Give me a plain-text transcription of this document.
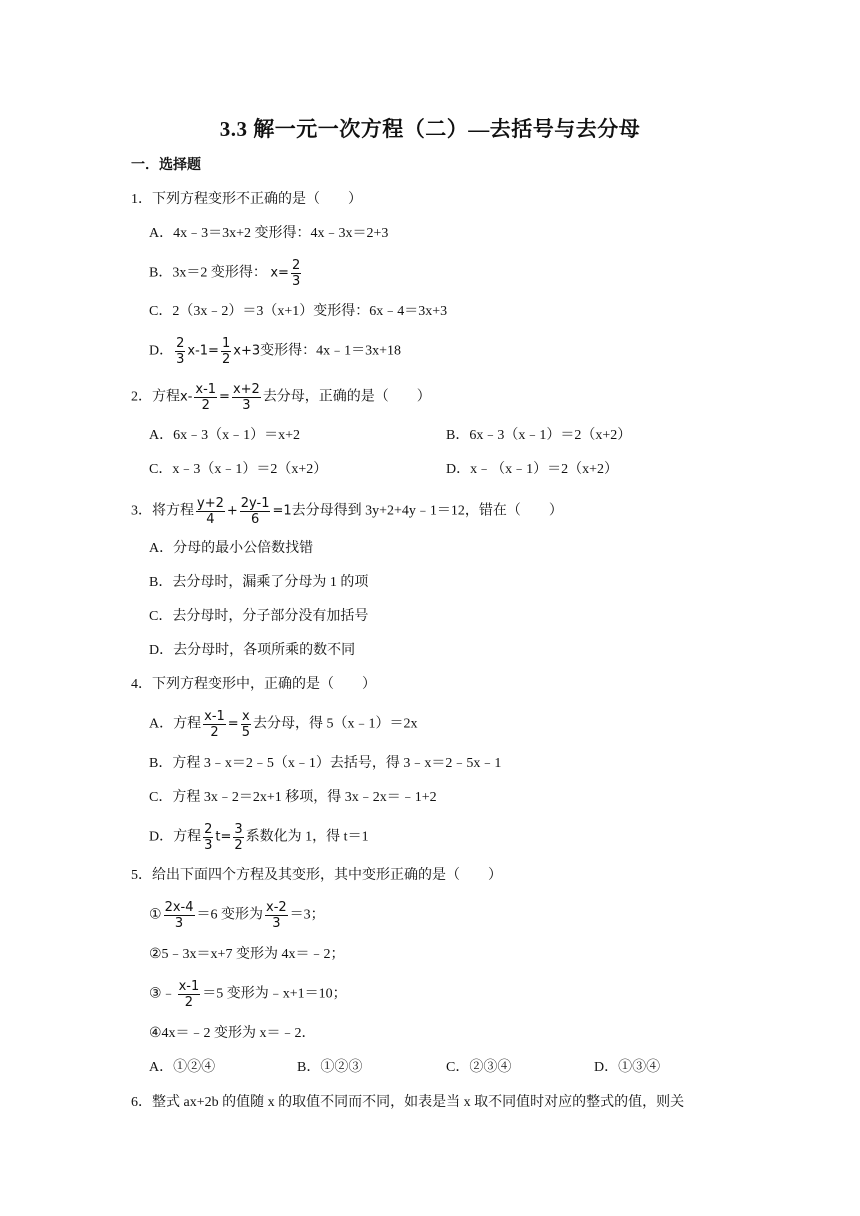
3.3 解一元一次方程（二）—去括号与去分母
一．选择题
1．下列方程变形不正确的是（　　）
A．4x﹣3＝3x+2 变形得：4x﹣3x＝2+3
B．3x＝2 变形得： $x= \frac{2}{3}$
C．2（3x﹣2）＝3（x+1）变形得：6x﹣4＝3x+3
D． $\frac{2}{3} x-1= \frac{1}{2} x+3$变形得：4x﹣1＝3x+18
2．方程$x- \frac{x-1}{2} = \frac{x+2}{3}$ 去分母，正确的是（　　）
A．6x﹣3（x﹣1）＝x+2	B．6x﹣3（x﹣1）＝2（x+2）
C．x﹣3（x﹣1）＝2（x+2）	D．x﹣（x﹣1）＝2（x+2）
3．将方程 $\frac{y+2}{4} + \frac{2y-1}{6} =1$去分母得到 3y+2+4y﹣1＝12，错在（　　）
A．分母的最小公倍数找错
B．去分母时，漏乘了分母为 1 的项
C．去分母时，分子部分没有加括号
D．去分母时，各项所乘的数不同
4．下列方程变形中，正确的是（　　）
A．方程 $\frac{x-1}{2} = \frac{x}{5}$ 去分母，得 5（x﹣1）＝2x
B．方程 3﹣x＝2﹣5（x﹣1）去括号，得 3﹣x＝2﹣5x﹣1
C．方程 3x﹣2＝2x+1 移项，得 3x﹣2x＝﹣1+2
D．方程 $\frac{2}{3} t= \frac{3}{2}$ 系数化为 1，得 t＝1
5．给出下面四个方程及其变形，其中变形正确的是（　　）
① $\frac{2x-4}{3} =6$ 变形为 $\frac{x-2}{3} =3$；
②5﹣3x＝x+7 变形为 4x＝﹣2；
③﹣ $\frac{x-1}{2} =5$ 变形为﹣x+1＝10；
④4x＝﹣2 变形为 x＝﹣2．
A．①②④	B．①②③	C．②③④	D．①③④
6．整式 ax+2b 的值随 x 的取值不同而不同，如表是当 x 取不同值时对应的整式的值，则关
